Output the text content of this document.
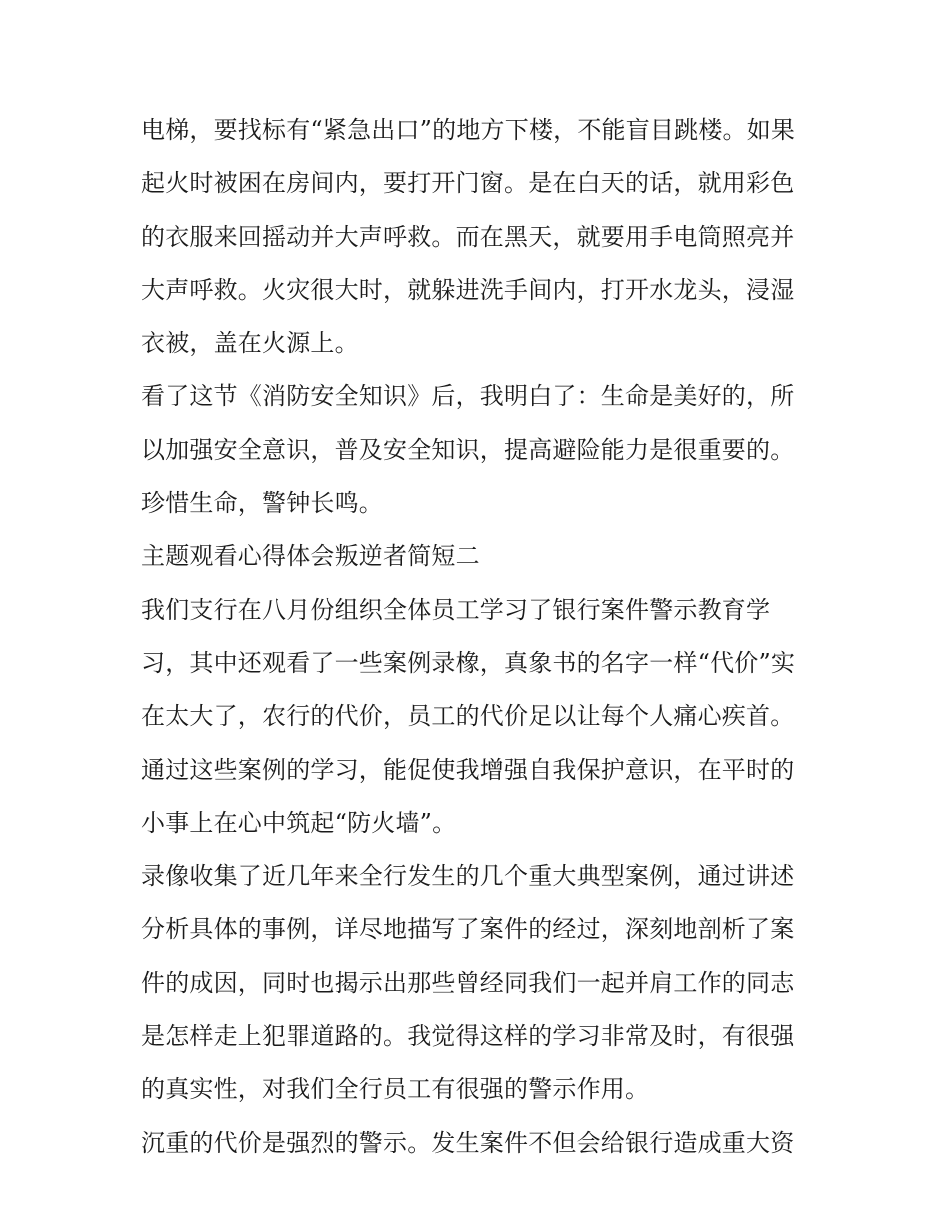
电梯，要找标有“紧急出口”的地方下楼，不能盲目跳楼。如果
起火时被困在房间内，要打开门窗。是在白天的话，就用彩色
的衣服来回摇动并大声呼救。而在黑天，就要用手电筒照亮并
大声呼救。火灾很大时，就躲进洗手间内，打开水龙头，浸湿
衣被，盖在火源上。
看了这节《消防安全知识》后，我明白了：生命是美好的，所
以加强安全意识，普及安全知识，提高避险能力是很重要的。
珍惜生命，警钟长鸣。
主题观看心得体会叛逆者简短二
我们支行在八月份组织全体员工学习了银行案件警示教育学
习，其中还观看了一些案例录橡，真象书的名字一样“代价”实
在太大了，农行的代价，员工的代价足以让每个人痛心疾首。
通过这些案例的学习，能促使我增强自我保护意识，在平时的
小事上在心中筑起“防火墙”。
录像收集了近几年来全行发生的几个重大典型案例，通过讲述
分析具体的事例，详尽地描写了案件的经过，深刻地剖析了案
件的成因，同时也揭示出那些曾经同我们一起并肩工作的同志
是怎样走上犯罪道路的。我觉得这样的学习非常及时，有很强
的真实性，对我们全行员工有很强的警示作用。
沉重的代价是强烈的警示。发生案件不但会给银行造成重大资
